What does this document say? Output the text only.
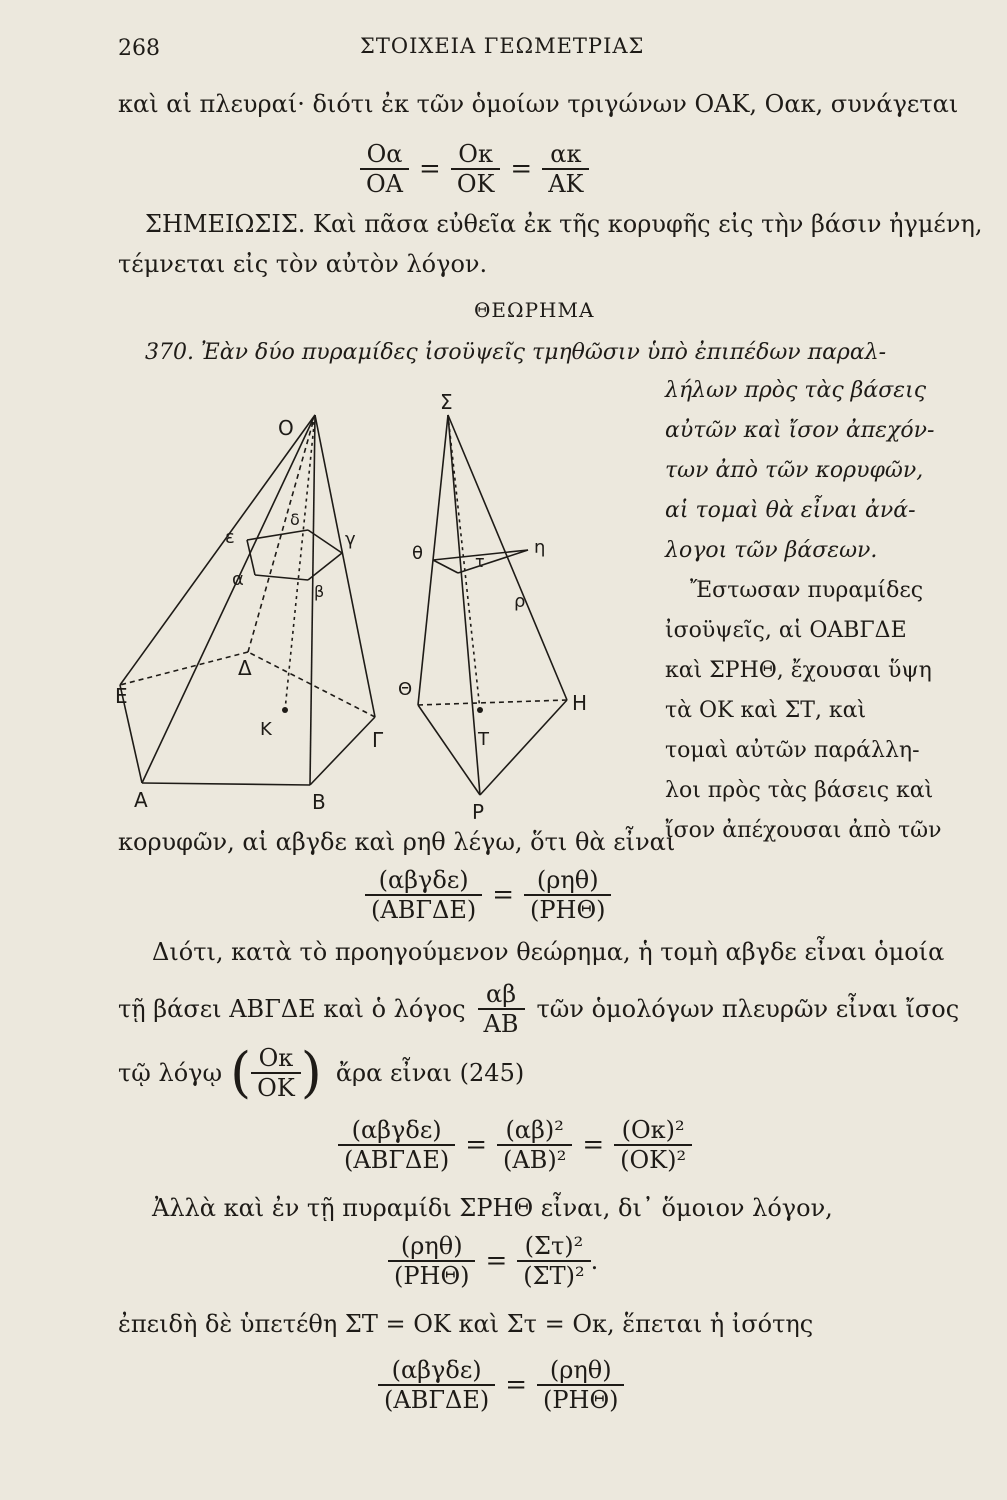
268	ΣΤΟΙΧΕΙΑ ΓΕΩΜΕΤΡΙΑΣ
καὶ αἱ πλευραί· διότι ἐκ τῶν ὁμοίων τριγώνων ΟΑΚ, Οακ, συνάγεται
$\frac{O\alpha}{OA} = \frac{O\kappa}{OK} = \frac{\alpha\kappa}{AK}$
ΣΗΜΕΙΩΣΙΣ. Καὶ πᾶσα εὐθεῖα ἐκ τῆς κορυφῆς εἰς τὴν βάσιν ἠγμένη,
τέμνεται εἰς τὸν αὐτὸν λόγον.
ΘΕΩΡΗΜΑ
370. Ἐὰν δύο πυραμίδες ἰσοϋψεῖς τμηθῶσιν ὑπὸ ἐπιπέδων παραλ-
λήλων πρὸς τὰς βάσεις
αὐτῶν καὶ ἴσον ἀπεχόν-
των ἀπὸ τῶν κορυφῶν,
αἱ τομαὶ θὰ εἶναι ἀνά-
λογοι τῶν βάσεων.
Ἔστωσαν πυραμίδες
ἰσοϋψεῖς, αἱ ΟΑΒΓΔΕ
καὶ ΣΡΗΘ, ἔχουσαι ὕψη
τὰ ΟΚ καὶ ΣΤ, καὶ
τομαὶ αὐτῶν παράλλη-
λοι πρὸς τὰς βάσεις καὶ
ἴσον ἀπέχουσαι ἀπὸ τῶν
O
Σ
ε
δ
γ
α
β
Δ
Ε
Κ	Γ
Α	Β
θ	η
τ
ρ
Θ
Η
Τ
Ρ
κορυφῶν, αἱ αβγδε καὶ ρηθ λέγω, ὅτι θὰ εἶναι
$\frac{\text{(αβγδε)}}{\text{(ΑΒΓΔΕ)}} = \frac{\text{(ρηθ)}}{\text{(ΡΗΘ)}}$
Διότι, κατὰ τὸ προηγούμενον θεώρημα, ἡ τομὴ αβγδε εἶναι ὁμοία
τῇ βάσει ΑΒΓΔΕ καὶ ὁ λόγος $\frac{\alpha\beta}{AB}$ τῶν ὁμολόγων πλευρῶν εἶναι ἴσος
τῷ λόγῳ ( $\frac{O\kappa}{OK}$ ) ἄρα εἶναι (245)
$\frac{\text{(αβγδε)}}{\text{(ΑΒΓΔΕ)}} = \frac{\text{(αβ)²}}{\text{(ΑΒ)²}} = \frac{\text{(Οκ)²}}{\text{(ΟΚ)²}}$
Ἀλλὰ καὶ ἐν τῇ πυραμίδι ΣΡΗΘ εἶναι, δι᾿ ὅμοιον λόγον,
$\frac{\text{(ρηθ)}}{\text{(ΡΗΘ)}} = \frac{\text{(Στ)²}}{\text{(ΣΤ)²}}$ .
ἐπειδὴ δὲ ὑπετέθη ΣΤ = ΟΚ καὶ Στ = Οκ, ἕπεται ἡ ἰσότης
$\frac{\text{(αβγδε)}}{\text{(ΑΒΓΔΕ)}} = \frac{\text{(ρηθ)}}{\text{(ΡΗΘ)}}$
